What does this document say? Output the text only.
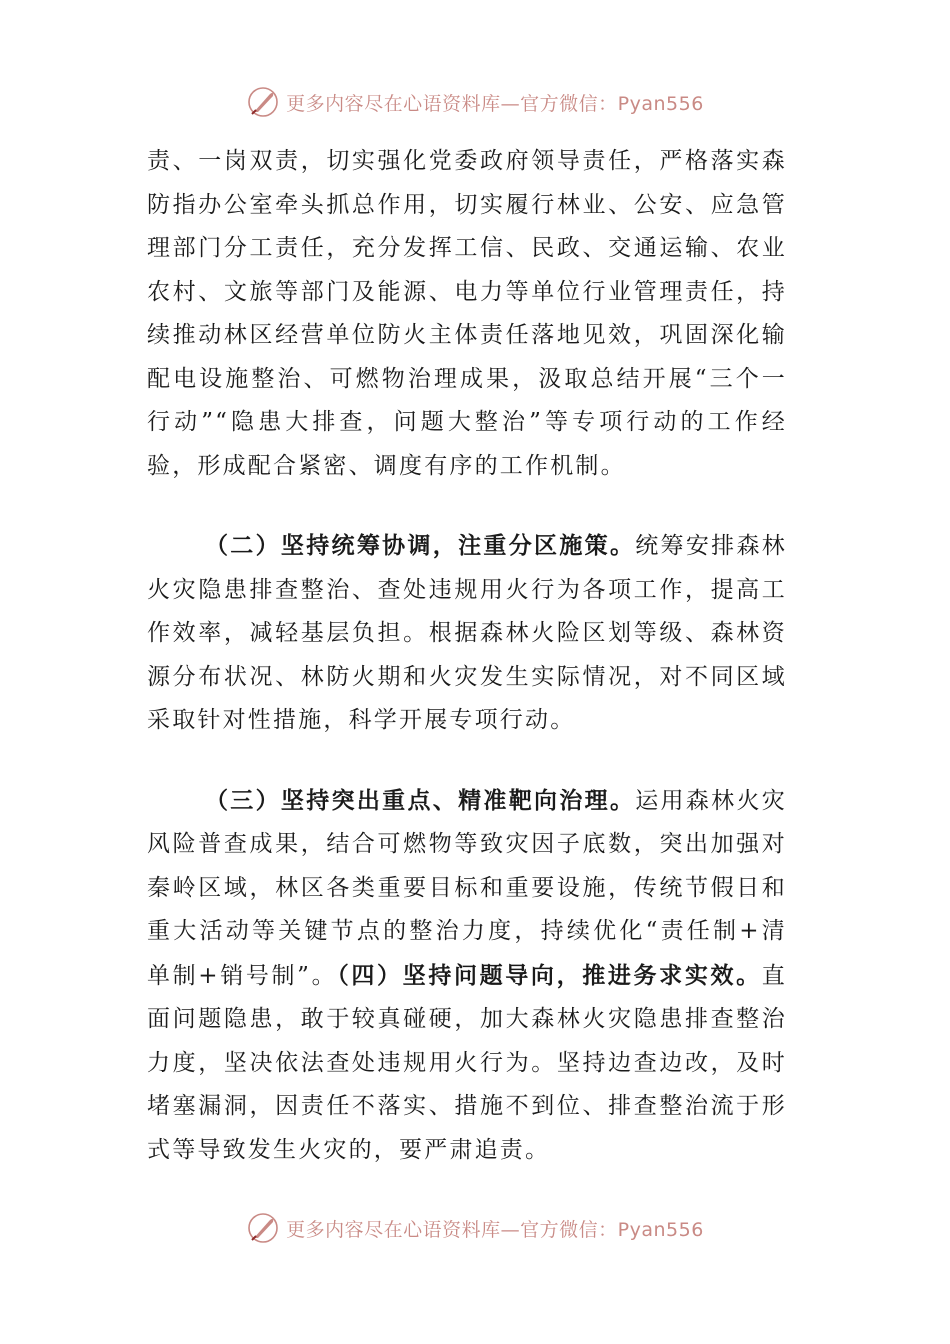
更多内容尽在心语资料库—官方微信：Pyan556

责、一岗双责，切实强化党委政府领导责任，严格落实森防指办公室牵头抓总作用，切实履行林业、公安、应急管理部门分工责任，充分发挥工信、民政、交通运输、农业农村、文旅等部门及能源、电力等单位行业管理责任，持续推动林区经营单位防火主体责任落地见效，巩固深化输配电设施整治、可燃物治理成果，汲取总结开展“三个一行动”“隐患大排查，问题大整治”等专项行动的工作经验，形成配合紧密、调度有序的工作机制。

（二）坚持统筹协调，注重分区施策。统筹安排森林火灾隐患排查整治、查处违规用火行为各项工作，提高工作效率，减轻基层负担。根据森林火险区划等级、森林资源分布状况、林防火期和火灾发生实际情况，对不同区域采取针对性措施，科学开展专项行动。

（三）坚持突出重点、精准靶向治理。运用森林火灾风险普查成果，结合可燃物等致灾因子底数，突出加强对秦岭区域，林区各类重要目标和重要设施，传统节假日和重大活动等关键节点的整治力度，持续优化“责任制+清单制+销号制”。（四）坚持问题导向，推进务求实效。直面问题隐患，敢于较真碰硬，加大森林火灾隐患排查整治力度，坚决依法查处违规用火行为。坚持边查边改，及时堵塞漏洞，因责任不落实、措施不到位、排查整治流于形式等导致发生火灾的，要严肃追责。

更多内容尽在心语资料库—官方微信：Pyan556
